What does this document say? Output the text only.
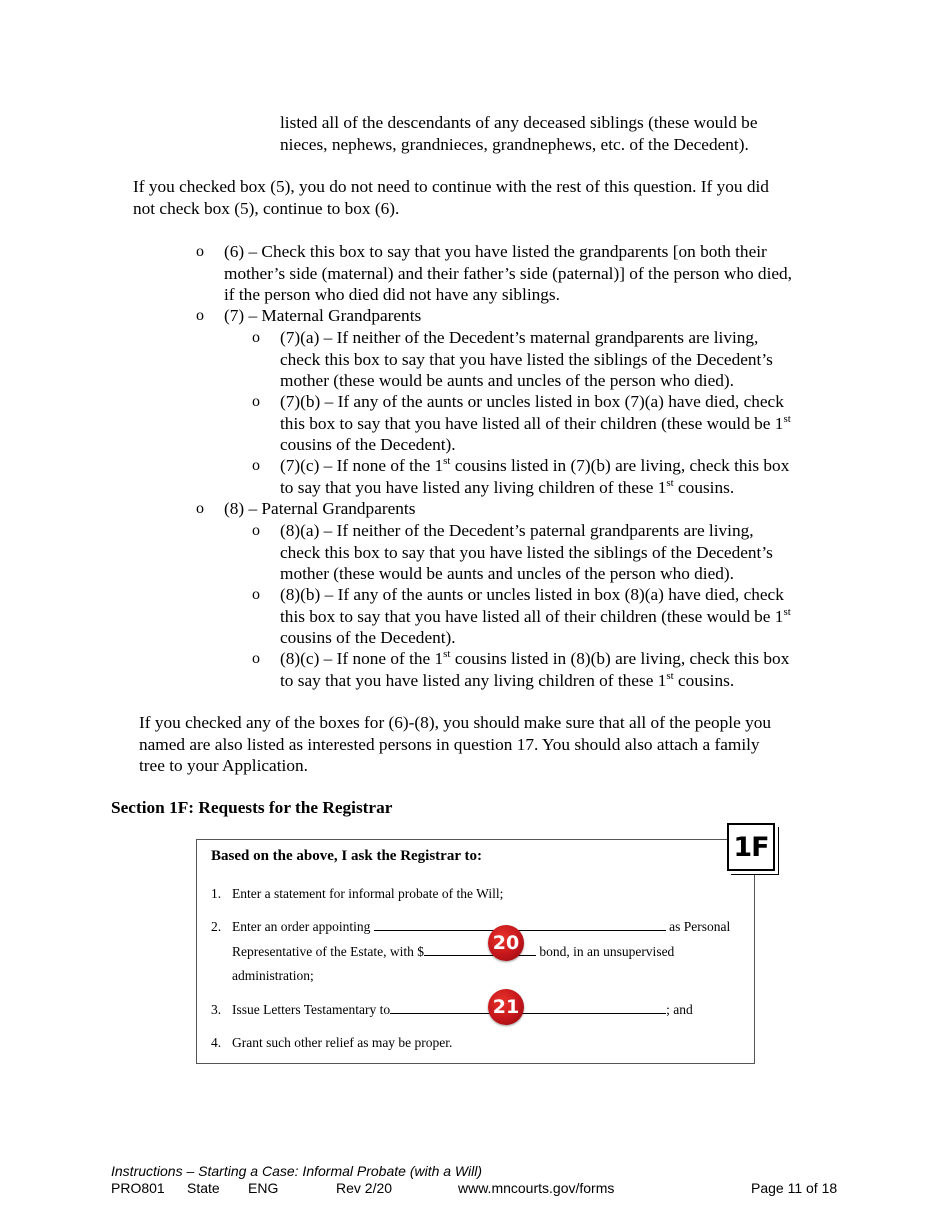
listed all of the descendants of any deceased siblings (these would be
nieces, nephews, grandnieces, grandnephews, etc. of the Decedent).
If you checked box (5), you do not need to continue with the rest of this question. If you did
not check box (5), continue to box (6).
o	(6) – Check this box to say that you have listed the grandparents [on both their
mother’s side (maternal) and their father’s side (paternal)] of the person who died,
if the person who died did not have any siblings.
o	(7) – Maternal Grandparents
o	(7)(a) – If neither of the Decedent’s maternal grandparents are living,
check this box to say that you have listed the siblings of the Decedent’s
mother (these would be aunts and uncles of the person who died).
o	(7)(b) – If any of the aunts or uncles listed in box (7)(a) have died, check
this box to say that you have listed all of their children (these would be 1st
cousins of the Decedent).
o	(7)(c) – If none of the 1st cousins listed in (7)(b) are living, check this box
to say that you have listed any living children of these 1st cousins.
o	(8) – Paternal Grandparents
o	(8)(a) – If neither of the Decedent’s paternal grandparents are living,
check this box to say that you have listed the siblings of the Decedent’s
mother (these would be aunts and uncles of the person who died).
o	(8)(b) – If any of the aunts or uncles listed in box (8)(a) have died, check
this box to say that you have listed all of their children (these would be 1st
cousins of the Decedent).
o	(8)(c) – If none of the 1st cousins listed in (8)(b) are living, check this box
to say that you have listed any living children of these 1st cousins.
If you checked any of the boxes for (6)-(8), you should make sure that all of the people you
named are also listed as interested persons in question 17. You should also attach a family
tree to your Application.
Section 1F: Requests for the Registrar
Based on the above, I ask the Registrar to:
1. Enter a statement for informal probate of the Will;
2. Enter an order appointing	as Personal
Representative of the Estate, with $	bond, in an unsupervised
administration;
3. Issue Letters Testamentary to	; and
4. Grant such other relief as may be proper.
1F
20
21
Instructions – Starting a Case: Informal Probate (with a Will)
PRO801 State ENG	Rev 2/20	www.mncourts.gov/forms	Page 11 of 18
